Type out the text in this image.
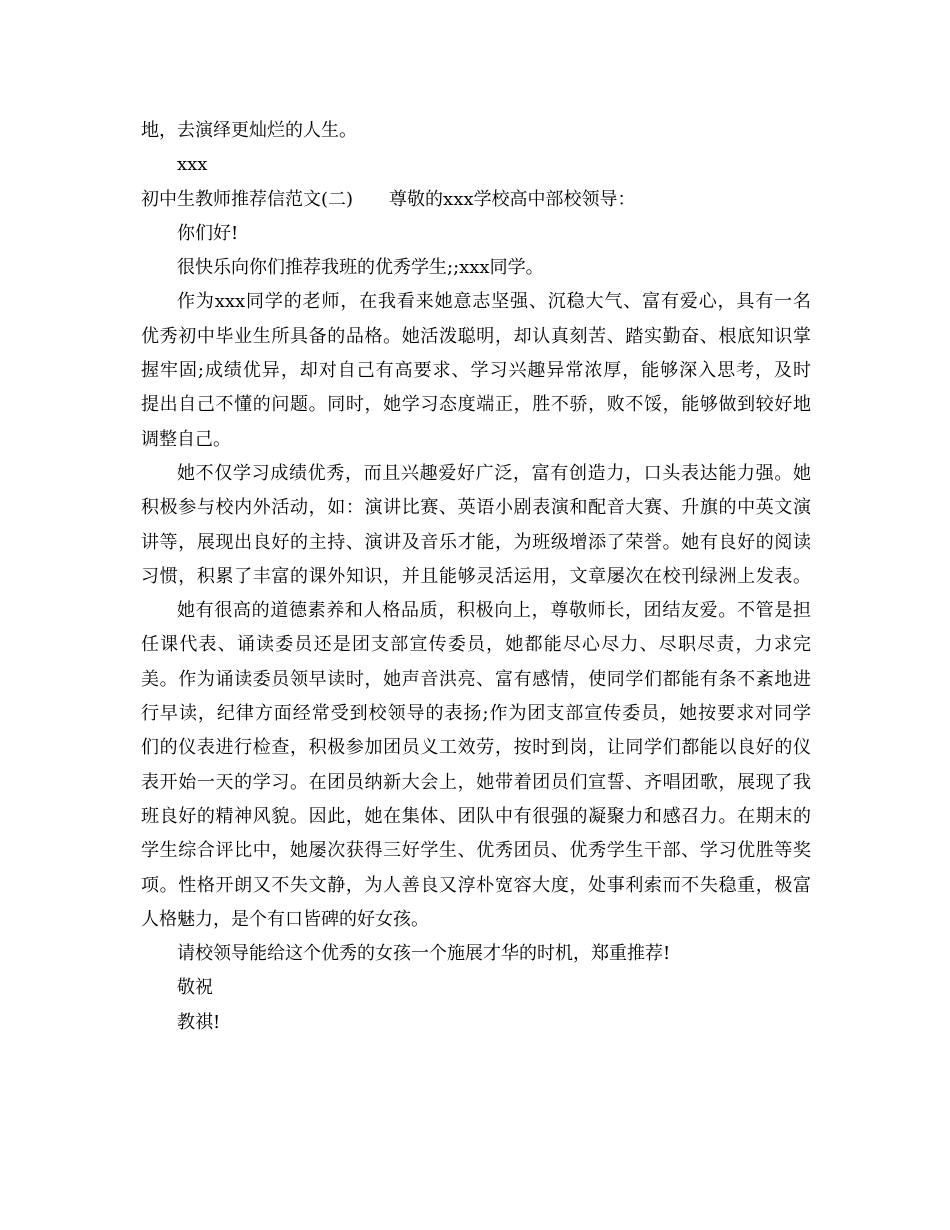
地，去演绎更灿烂的人生。
xxx
初中生教师推荐信范文(二)　　尊敬的xxx学校高中部校领导：
你们好!
很快乐向你们推荐我班的优秀学生;;xxx同学。
作为xxx同学的老师，在我看来她意志坚强、沉稳大气、富有爱心，具有一名
优秀初中毕业生所具备的品格。她活泼聪明，却认真刻苦、踏实勤奋、根底知识掌
握牢固;成绩优异，却对自己有高要求、学习兴趣异常浓厚，能够深入思考，及时
提出自己不懂的问题。同时，她学习态度端正，胜不骄，败不馁，能够做到较好地
调整自己。
她不仅学习成绩优秀，而且兴趣爱好广泛，富有创造力，口头表达能力强。她
积极参与校内外活动，如：演讲比赛、英语小剧表演和配音大赛、升旗的中英文演
讲等，展现出良好的主持、演讲及音乐才能，为班级增添了荣誉。她有良好的阅读
习惯，积累了丰富的课外知识，并且能够灵活运用，文章屡次在校刊绿洲上发表。
她有很高的道德素养和人格品质，积极向上，尊敬师长，团结友爱。不管是担
任课代表、诵读委员还是团支部宣传委员，她都能尽心尽力、尽职尽责，力求完
美。作为诵读委员领早读时，她声音洪亮、富有感情，使同学们都能有条不紊地进
行早读，纪律方面经常受到校领导的表扬;作为团支部宣传委员，她按要求对同学
们的仪表进行检查，积极参加团员义工效劳，按时到岗，让同学们都能以良好的仪
表开始一天的学习。在团员纳新大会上，她带着团员们宣誓、齐唱团歌，展现了我
班良好的精神风貌。因此，她在集体、团队中有很强的凝聚力和感召力。在期末的
学生综合评比中，她屡次获得三好学生、优秀团员、优秀学生干部、学习优胜等奖
项。性格开朗又不失文静，为人善良又淳朴宽容大度，处事利索而不失稳重，极富
人格魅力，是个有口皆碑的好女孩。
请校领导能给这个优秀的女孩一个施展才华的时机，郑重推荐!
敬祝
教祺!
